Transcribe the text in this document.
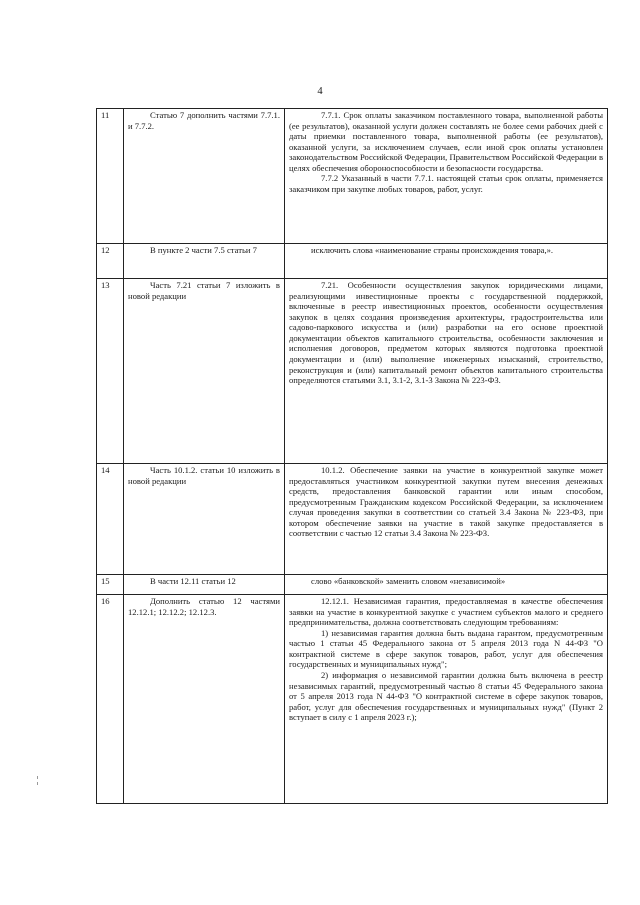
4
11	Статью 7 дополнить частями 7.7.1. и 7.7.2.	7.7.1. Срок оплаты заказчиком поставленного товара, выполненной работы (ее результатов), оказанной услуги должен составлять не более семи рабочих дней с даты приемки поставленного товара, выполненной работы (ее результатов), оказанной услуги, за исключением случаев, если иной срок оплаты установлен законодательством Российской Федерации, Правительством Российской Федерации в целях обеспечения обороноспособности и безопасности государства.

7.7.2 Указанный в части 7.7.1. настоящей статьи срок оплаты, применяется заказчиком при закупке любых товаров, работ, услуг.

12	В пункте 2 части 7.5 статьи 7	исключить слова «наименование страны происхождения товара,».

13	Часть 7.21 статьи 7 изложить в новой редакции	7.21. Особенности осуществления закупок юридическими лицами, реализующими инвестиционные проекты с государственной поддержкой, включенные в реестр инвестиционных проектов, особенности осуществления закупок в целях создания произведения архитектуры, градостроительства или садово-паркового искусства и (или) разработки на его основе проектной документации объектов капитального строительства, особенности заключения и исполнения договоров, предметом которых являются подготовка проектной документации и (или) выполнение инженерных изысканий, строительство, реконструкция и (или) капитальный ремонт объектов капитального строительства определяются статьями 3.1, 3.1-2, 3.1-3 Закона № 223-ФЗ.

14	Часть 10.1.2. статьи 10 изложить в новой редакции	10.1.2. Обеспечение заявки на участие в конкурентной закупке может предоставляться участником конкурентной закупки путем внесения денежных средств, предоставления банковской гарантии или иным способом, предусмотренным Гражданским кодексом Российской Федерации, за исключением случая проведения закупки в соответствии со статьей 3.4 Закона № 223-ФЗ, при котором обеспечение заявки на участие в такой закупке предоставляется в соответствии с частью 12 статьи 3.4 Закона № 223-ФЗ.

15	В части 12.11 статьи 12	слово «банковской» заменить словом «независимой»

16	Дополнить статью 12 частями 12.12.1; 12.12.2; 12.12.3.	12.12.1. Независимая гарантия, предоставляемая в качестве обеспечения заявки на участие в конкурентной закупке с участием субъектов малого и среднего предпринимательства, должна соответствовать следующим требованиям:

1) независимая гарантия должна быть выдана гарантом, предусмотренным частью 1 статьи 45 Федерального закона от 5 апреля 2013 года N 44-ФЗ "О контрактной системе в сфере закупок товаров, работ, услуг для обеспечения государственных и муниципальных нужд";

2) информация о независимой гарантии должна быть включена в реестр независимых гарантий, предусмотренный частью 8 статьи 45 Федерального закона от 5 апреля 2013 года N 44-ФЗ "О контрактной системе в сфере закупок товаров, работ, услуг для обеспечения государственных и муниципальных нужд" (Пункт 2 вступает в силу с 1 апреля 2023 г.);
